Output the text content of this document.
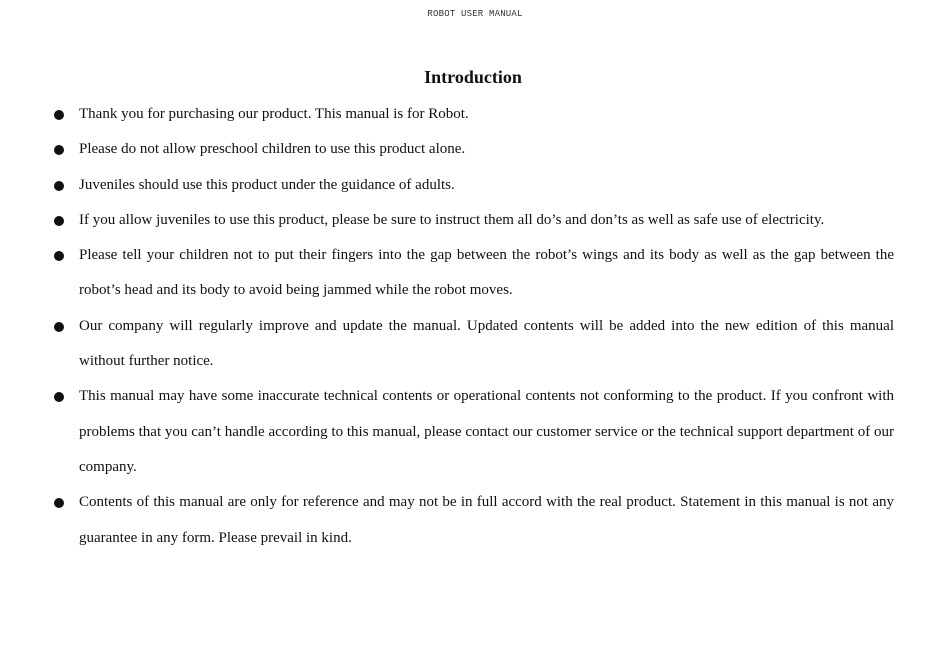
ROBOT USER MANUAL
Introduction
Thank you for purchasing our product. This manual is for Robot.
Please do not allow preschool children to use this product alone.
Juveniles should use this product under the guidance of adults.
If you allow juveniles to use this product, please be sure to instruct them all do’s and don’ts as well as safe use of electricity.
Please tell your children not to put their fingers into the gap between the robot’s wings and its body as well as the gap between the robot’s head and its body to avoid being jammed while the robot moves.
Our company will regularly improve and update the manual. Updated contents will be added into the new edition of this manual without further notice.
This manual may have some inaccurate technical contents or operational contents not conforming to the product. If you confront with problems that you can’t handle according to this manual, please contact our customer service or the technical support department of our company.
Contents of this manual are only for reference and may not be in full accord with the real product. Statement in this manual is not any guarantee in any form. Please prevail in kind.
